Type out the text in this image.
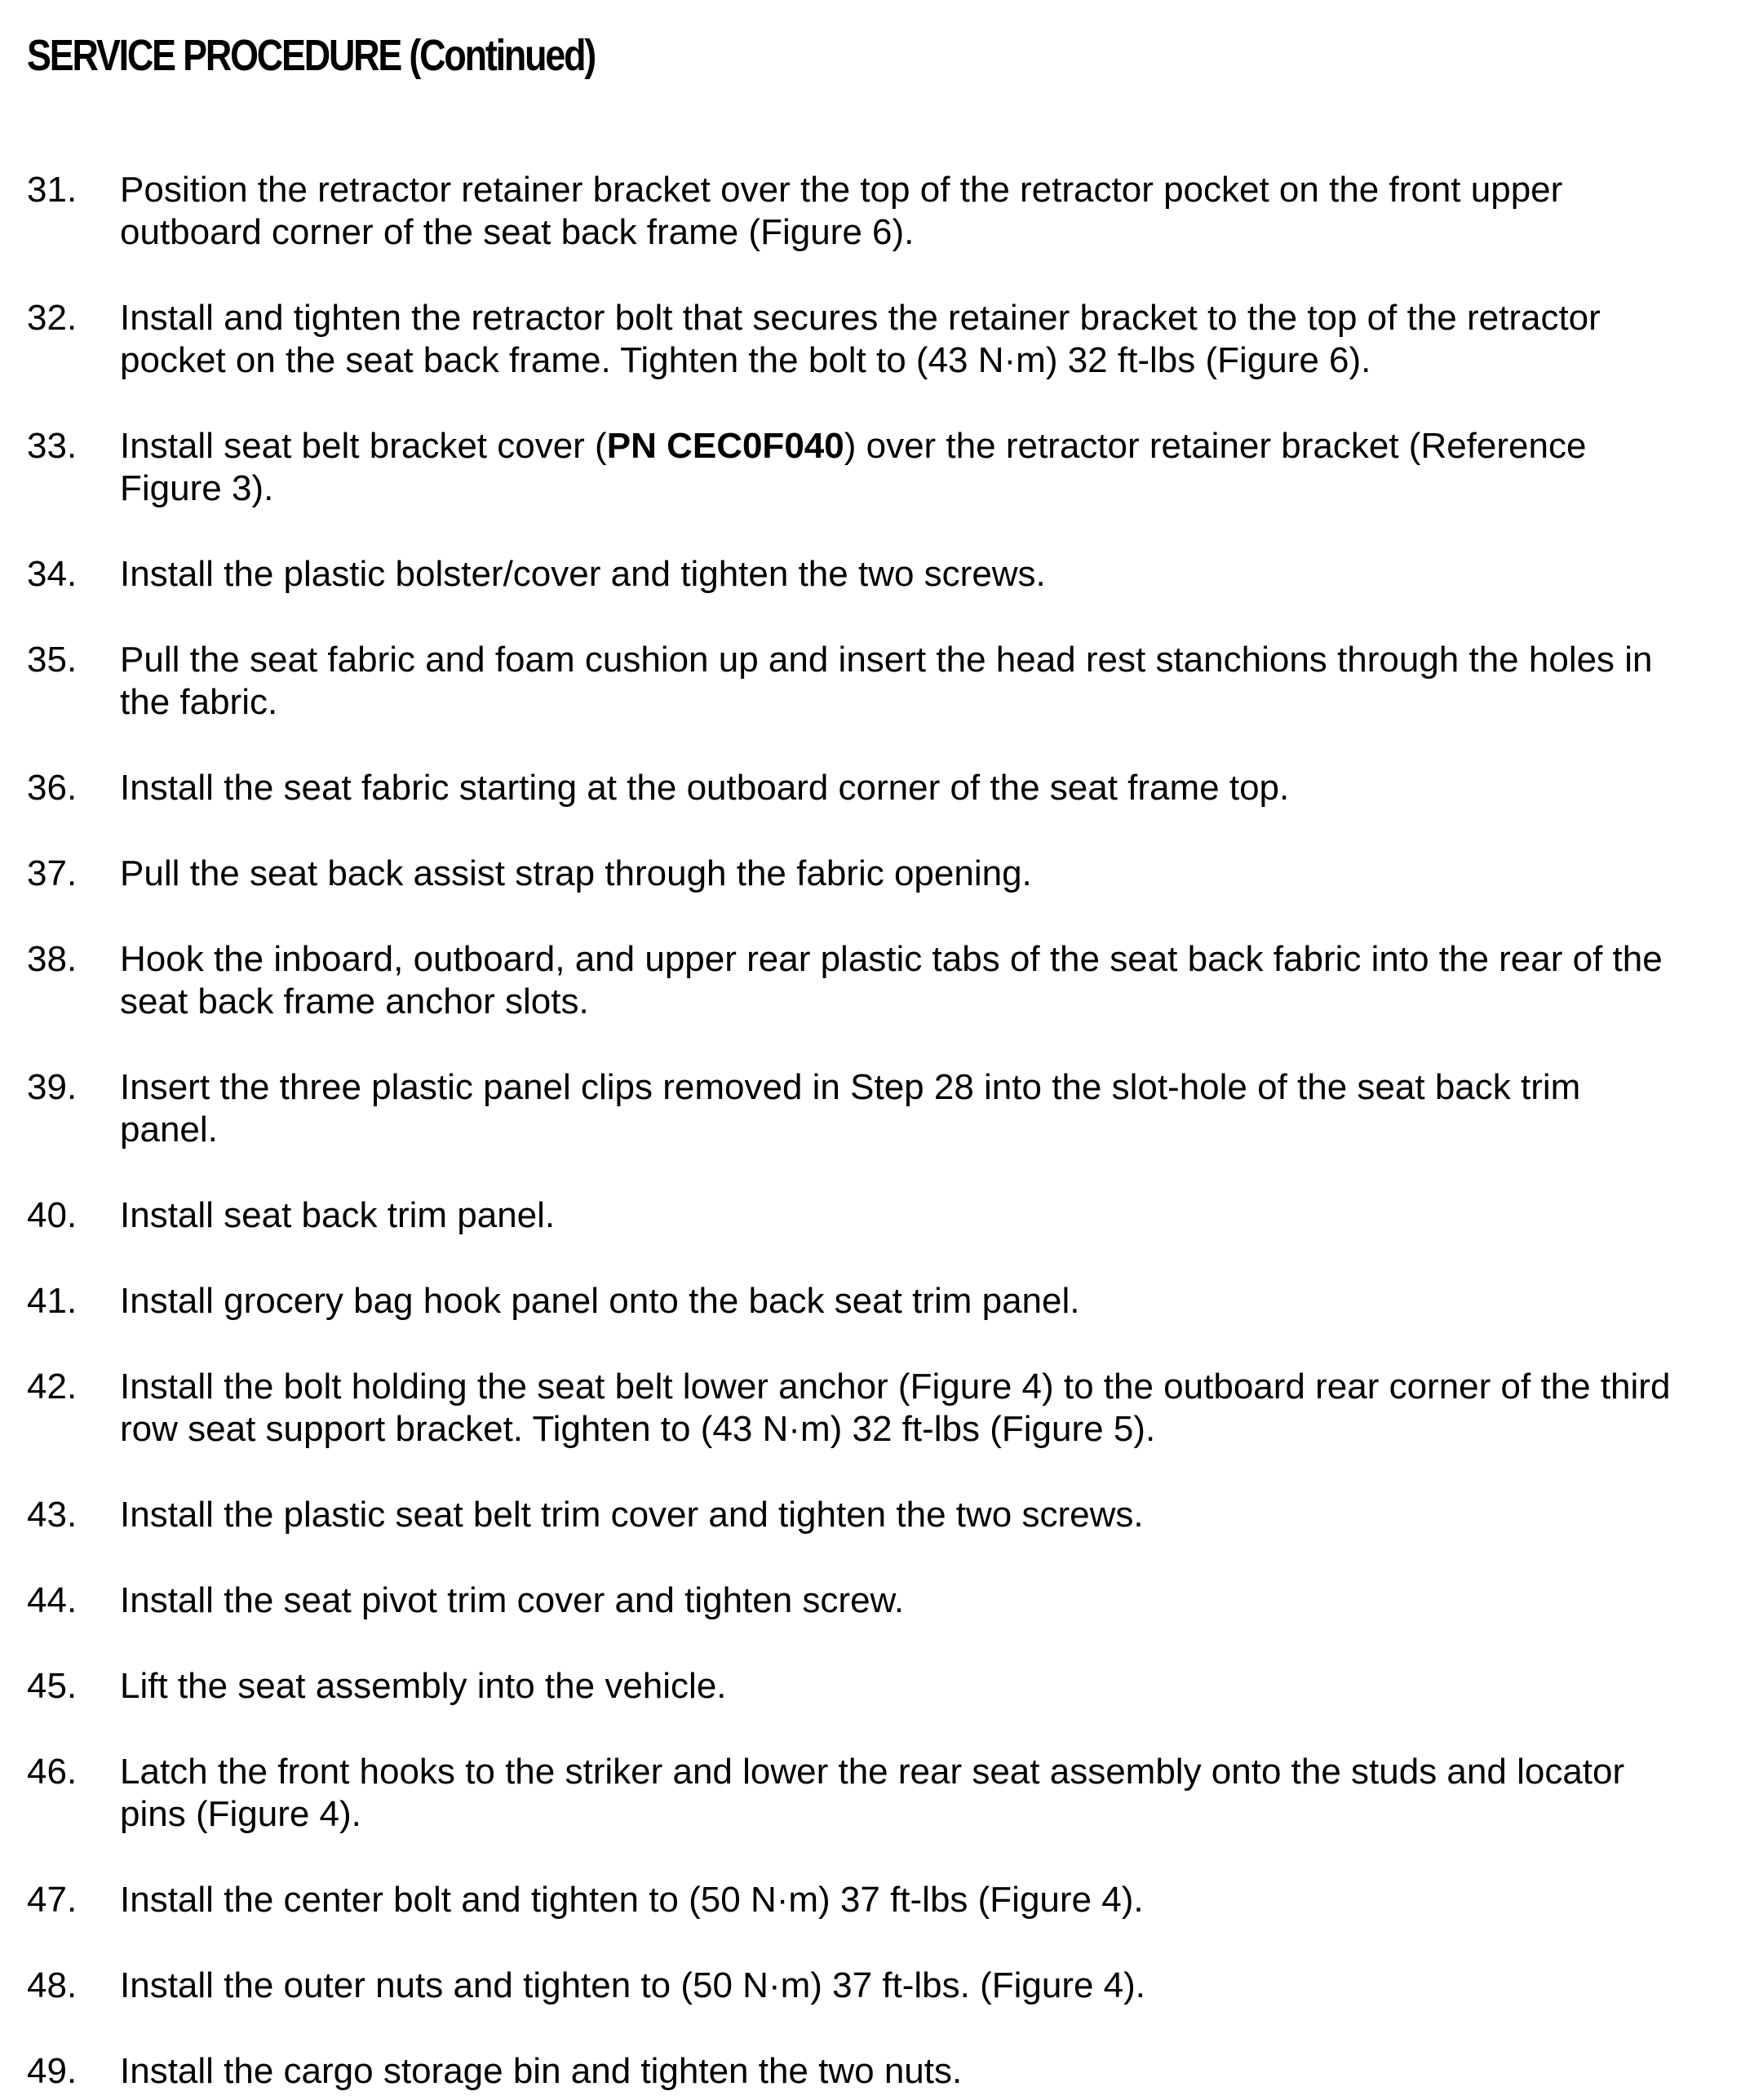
SERVICE PROCEDURE (Continued)
31. Position the retractor retainer bracket over the top of the retractor pocket on the front upper
outboard corner of the seat back frame (Figure 6).
32. Install and tighten the retractor bolt that secures the retainer bracket to the top of the retractor
pocket on the seat back frame. Tighten the bolt to (43 N·m) 32 ft-lbs (Figure 6).
33. Install seat belt bracket cover (PN CEC0F040) over the retractor retainer bracket (Reference
Figure 3).
34. Install the plastic bolster/cover and tighten the two screws.
35. Pull the seat fabric and foam cushion up and insert the head rest stanchions through the holes in
the fabric.
36. Install the seat fabric starting at the outboard corner of the seat frame top.
37. Pull the seat back assist strap through the fabric opening.
38. Hook the inboard, outboard, and upper rear plastic tabs of the seat back fabric into the rear of the
seat back frame anchor slots.
39. Insert the three plastic panel clips removed in Step 28 into the slot-hole of the seat back trim
panel.
40. Install seat back trim panel.
41. Install grocery bag hook panel onto the back seat trim panel.
42. Install the bolt holding the seat belt lower anchor (Figure 4) to the outboard rear corner of the third
row seat support bracket. Tighten to (43 N·m) 32 ft-lbs (Figure 5).
43. Install the plastic seat belt trim cover and tighten the two screws.
44. Install the seat pivot trim cover and tighten screw.
45. Lift the seat assembly into the vehicle.
46. Latch the front hooks to the striker and lower the rear seat assembly onto the studs and locator
pins (Figure 4).
47. Install the center bolt and tighten to (50 N·m) 37 ft-lbs (Figure 4).
48. Install the outer nuts and tighten to (50 N·m) 37 ft-lbs. (Figure 4).
49. Install the cargo storage bin and tighten the two nuts.
